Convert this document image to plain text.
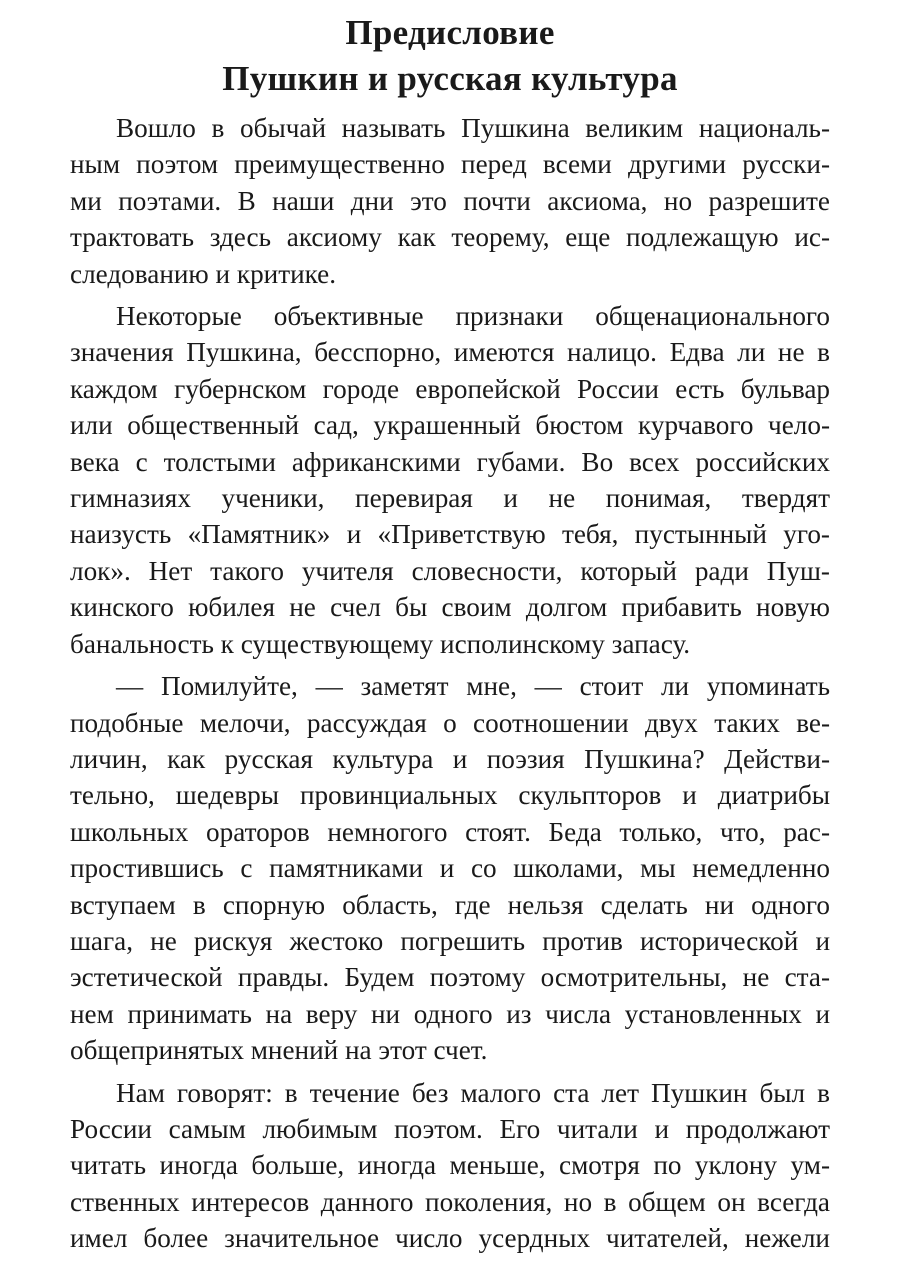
Предисловие
Пушкин и русская культура
Вошло в обычай называть Пушкина великим националь-
ным поэтом преимущественно перед всеми другими русски-
ми поэтами. В наши дни это почти аксиома, но разрешите
трактовать здесь аксиому как теорему, еще подлежащую ис-
следованию и критике.
Некоторые объективные признаки общенационального
значения Пушкина, бесспорно, имеются налицо. Едва ли не в
каждом губернском городе европейской России есть бульвар
или общественный сад, украшенный бюстом курчавого чело-
века с толстыми африканскими губами. Во всех российских
гимназиях ученики, перевирая и не понимая, твердят
наизусть «Памятник» и «Приветствую тебя, пустынный уго-
лок». Нет такого учителя словесности, который ради Пуш-
кинского юбилея не счел бы своим долгом прибавить новую
банальность к существующему исполинскому запасу.
— Помилуйте, — заметят мне, — стоит ли упоминать
подобные мелочи, рассуждая о соотношении двух таких ве-
личин, как русская культура и поэзия Пушкина? Действи-
тельно, шедевры провинциальных скульпторов и диатрибы
школьных ораторов немногого стоят. Беда только, что, рас-
простившись с памятниками и со школами, мы немедленно
вступаем в спорную область, где нельзя сделать ни одного
шага, не рискуя жестоко погрешить против исторической и
эстетической правды. Будем поэтому осмотрительны, не ста-
нем принимать на веру ни одного из числа установленных и
общепринятых мнений на этот счет.
Нам говорят: в течение без малого ста лет Пушкин был в
России самым любимым поэтом. Его читали и продолжают
читать иногда больше, иногда меньше, смотря по уклону ум-
ственных интересов данного поколения, но в общем он всегда
имел более значительное число усердных читателей, нежели
